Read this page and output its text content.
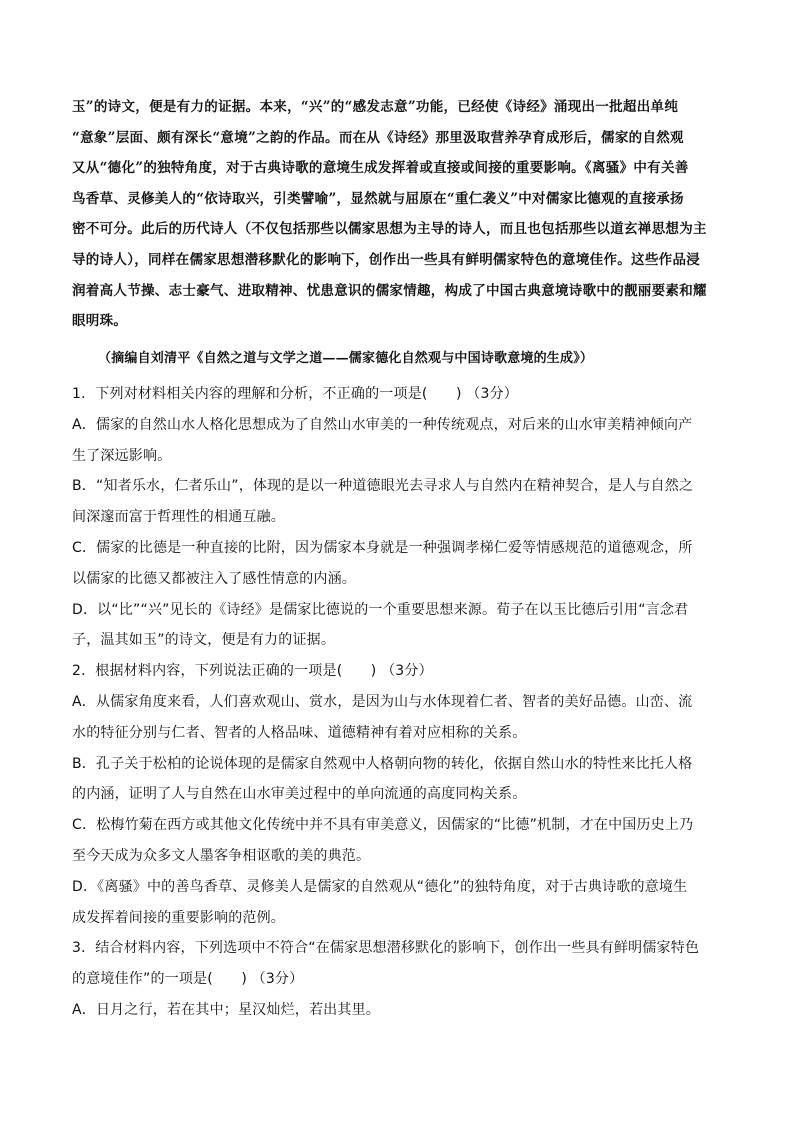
玉”的诗文，便是有力的证据。本来，“兴”的“感发志意”功能，已经使《诗经》涌现出一批超出单纯
“意象”层面、颇有深长“意境”之韵的作品。而在从《诗经》那里汲取营养孕育成形后，儒家的自然观
又从“德化”的独特角度，对于古典诗歌的意境生成发挥着或直接或间接的重要影响。《离骚》中有关善
鸟香草、灵修美人的“依诗取兴，引类譬喻”，显然就与屈原在“重仁袭义”中对儒家比德观的直接承扬
密不可分。此后的历代诗人（不仅包括那些以儒家思想为主导的诗人，而且也包括那些以道玄禅思想为主
导的诗人），同样在儒家思想潜移默化的影响下，创作出一些具有鲜明儒家特色的意境佳作。这些作品浸
润着高人节操、志士豪气、进取精神、忧患意识的儒家情趣，构成了中国古典意境诗歌中的靓丽要素和耀
眼明珠。
（摘编自刘清平《自然之道与文学之道——儒家德化自然观与中国诗歌意境的生成》）
1．下列对材料相关内容的理解和分析，不正确的一项是(　　) （3分）
A．儒家的自然山水人格化思想成为了自然山水审美的一种传统观点，对后来的山水审美精神倾向产
生了深远影响。
B．“知者乐水，仁者乐山”，体现的是以一种道德眼光去寻求人与自然内在精神契合，是人与自然之
间深邃而富于哲理性的相通互融。
C．儒家的比德是一种直接的比附，因为儒家本身就是一种强调孝梯仁爱等情感规范的道德观念，所
以儒家的比德又都被注入了感性情意的内涵。
D．以“比”“兴”见长的《诗经》是儒家比德说的一个重要思想来源。荀子在以玉比德后引用“言念君
子，温其如玉”的诗文，便是有力的证据。
2．根据材料内容，下列说法正确的一项是(　　) （3分）
A．从儒家角度来看，人们喜欢观山、赏水，是因为山与水体现着仁者、智者的美好品德。山峦、流
水的特征分别与仁者、智者的人格品味、道德精神有着对应相称的关系。
B．孔子关于松柏的论说体现的是儒家自然观中人格朝向物的转化，依据自然山水的特性来比托人格
的内涵，证明了人与自然在山水审美过程中的单向流通的高度同构关系。
C．松梅竹菊在西方或其他文化传统中并不具有审美意义，因儒家的“比德”机制，才在中国历史上乃
至今天成为众多文人墨客争相讴歌的美的典范。
D．《离骚》中的善鸟香草、灵修美人是儒家的自然观从“德化”的独特角度，对于古典诗歌的意境生
成发挥着间接的重要影响的范例。
3．结合材料内容，下列选项中不符合“在儒家思想潜移默化的影响下，创作出一些具有鲜明儒家特色
的意境佳作”的一项是(　　) （3分）
A．日月之行，若在其中；星汉灿烂，若出其里。
